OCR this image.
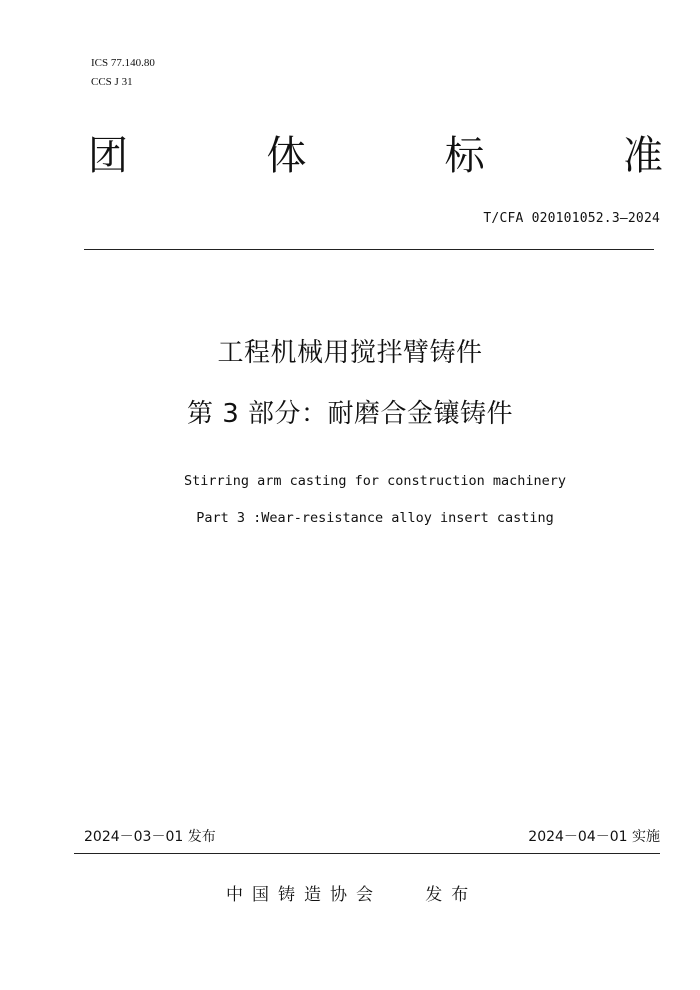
ICS 77.140.80
CCS J 31
团	体	标	准
T/CFA 020101052.3—2024
工程机械用搅拌臂铸件
第 3 部分：耐磨合金镶铸件
Stirring arm casting for construction machinery
Part 3 :Wear-resistance alloy insert casting
2024－03－01 发布	2024－04－01 实施
中国铸造协会   发布
